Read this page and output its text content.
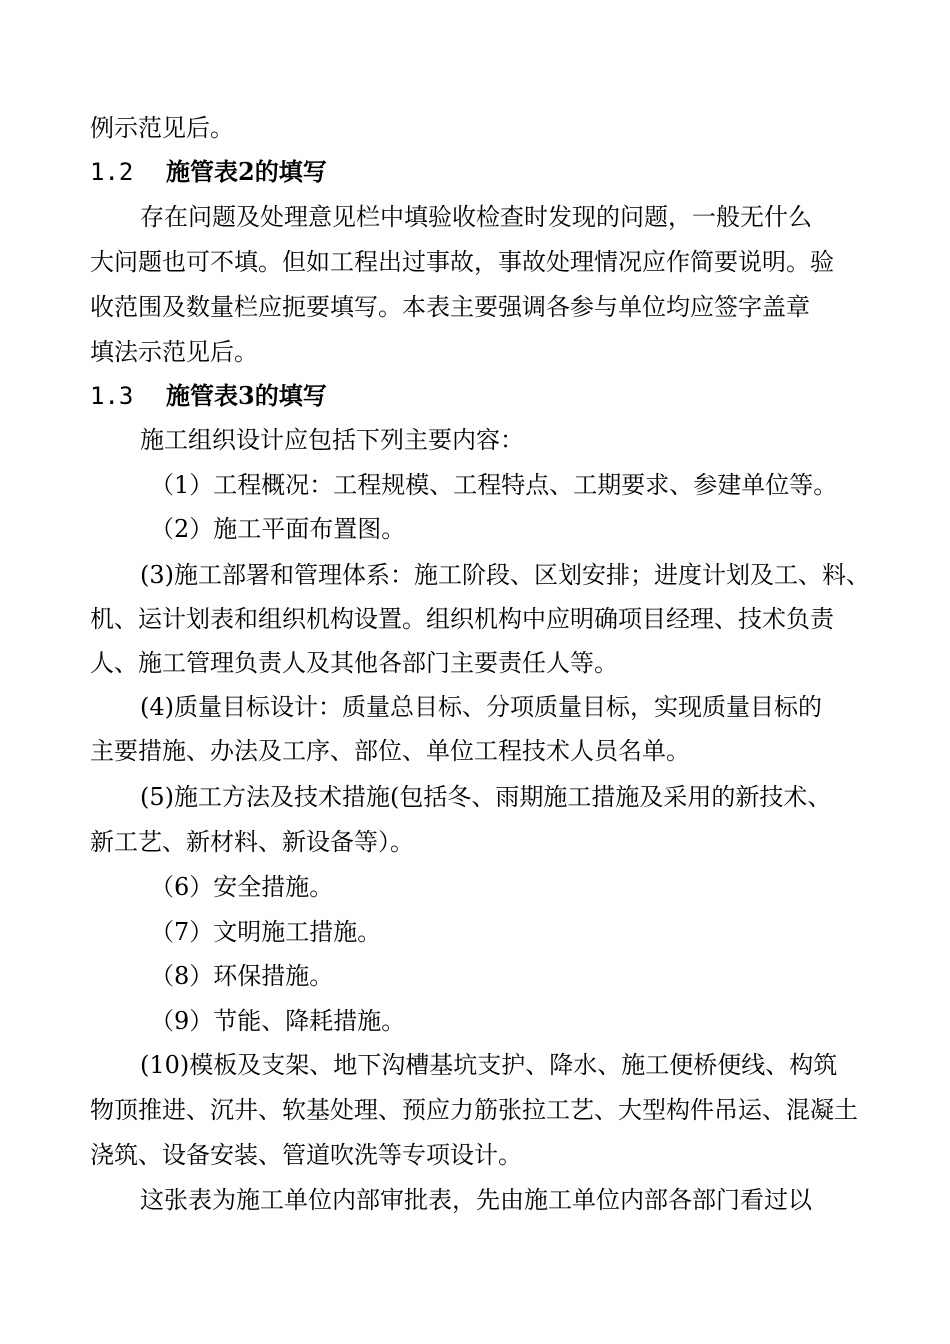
例示范见后。

1.2 施管表2的填写

存在问题及处理意见栏中填验收检查时发现的问题，一般无什么

大问题也可不填。但如工程出过事故，事故处理情况应作简要说明。验

收范围及数量栏应扼要填写。本表主要强调各参与单位均应签字盖章

填法示范见后。

1.3 施管表3的填写

施工组织设计应包括下列主要内容：

（1）工程概况：工程规模、工程特点、工期要求、参建单位等。

（2）施工平面布置图。

(3)施工部署和管理体系：施工阶段、区划安排；进度计划及工、料、

机、运计划表和组织机构设置。组织机构中应明确项目经理、技术负责

人、施工管理负责人及其他各部门主要责任人等。

(4)质量目标设计：质量总目标、分项质量目标，实现质量目标的

主要措施、办法及工序、部位、单位工程技术人员名单。

(5)施工方法及技术措施(包括冬、雨期施工措施及采用的新技术、

新工艺、新材料、新设备等）。

（6）安全措施。

（7）文明施工措施。

（8）环保措施。

（9）节能、降耗措施。

(10)模板及支架、地下沟槽基坑支护、降水、施工便桥便线、构筑

物顶推进、沉井、软基处理、预应力筋张拉工艺、大型构件吊运、混凝土

浇筑、设备安装、管道吹洗等专项设计。

这张表为施工单位内部审批表，先由施工单位内部各部门看过以
